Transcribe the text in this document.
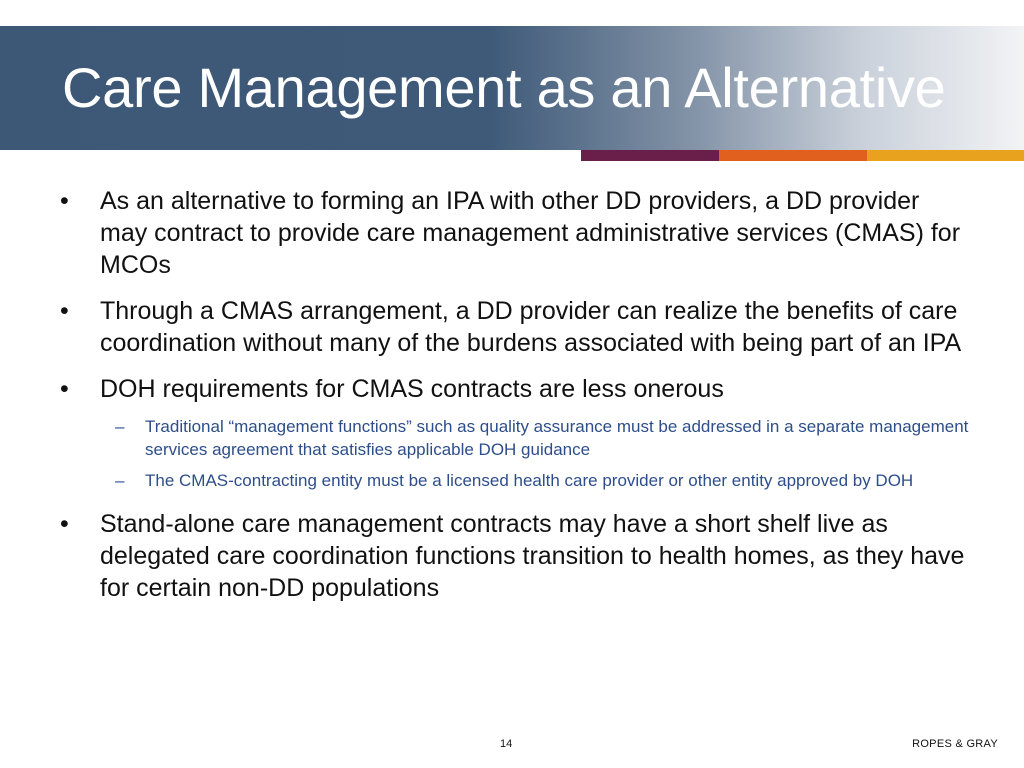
Care Management as an Alternative
•	As an alternative to forming an IPA with other DD providers, a DD provider may contract to provide care management administrative services (CMAS) for MCOs
•	Through a CMAS arrangement, a DD provider can realize the benefits of care coordination without many of the burdens associated with being part of an IPA
•	DOH requirements for CMAS contracts are less onerous
–	Traditional “management functions” such as quality assurance must be addressed in a separate management services agreement that satisfies applicable DOH guidance
–	The CMAS-contracting entity must be a licensed health care provider or other entity approved by DOH
•	Stand-alone care management contracts may have a short shelf live as delegated care coordination functions transition to health homes, as they have for certain non-DD populations
14	ROPES & GRAY
